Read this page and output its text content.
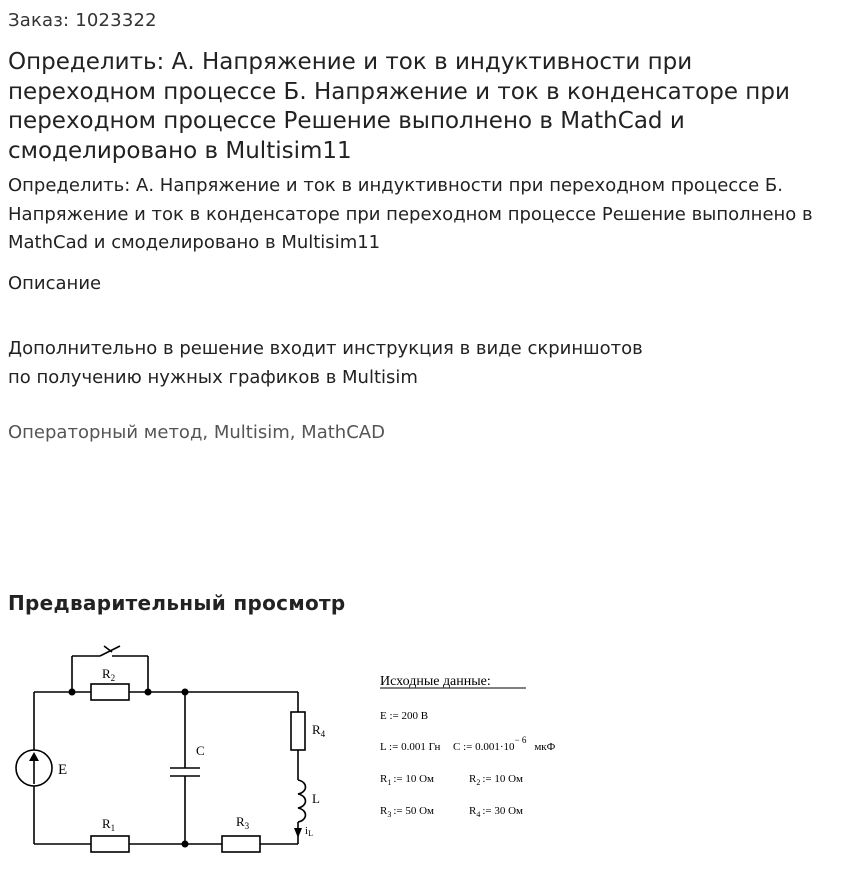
Заказ: 1023322
Определить: А. Напряжение и ток в индуктивности при переходном процессе Б. Напряжение и ток в конденсаторе при переходном процессе Решение выполнено в MathCad и смоделировано в Multisim11

Определить: А. Напряжение и ток в индуктивности при переходном процессе Б. Напряжение и ток в конденсаторе при переходном процессе Решение выполнено в MathCad и смоделировано в Multisim11

Описание
Дополнительно в решение входит инструкция в виде скриншотов
по получению нужных графиков в Multisim
Операторный метод, Multisim, MathCAD
Предварительный просмотр
$R_2$
$R_1$	$R_3$
$R_4$
C
L
E
iL
Исходные данные:
E := 200 В
L := 0.001 Гн C := $0.001\cdot 10^{- 6}мкФ$
$R_1$ := 10 Ом	$R_2$ := 10 Ом
$R_3$ := 50 Ом	$R_4$ := 30 Ом
